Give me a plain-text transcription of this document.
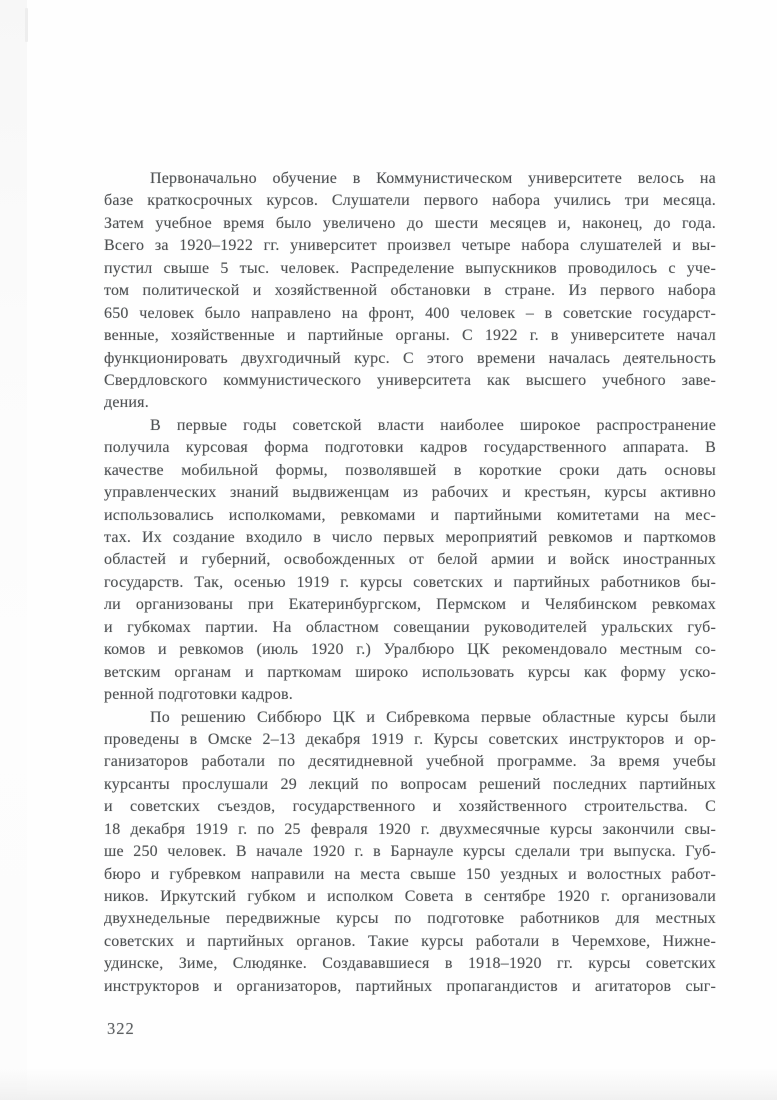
Первоначально обучение в Коммунистическом университете велось на
базе краткосрочных курсов. Слушатели первого набора учились три месяца.
Затем учебное время было увеличено до шести месяцев и, наконец, до года.
Всего за 1920–1922 гг. университет произвел четыре набора слушателей и вы-
пустил свыше 5 тыс. человек. Распределение выпускников проводилось с уче-
том политической и хозяйственной обстановки в стране. Из первого набора
650 человек было направлено на фронт, 400 человек – в советские государст-
венные, хозяйственные и партийные органы. С 1922 г. в университете начал
функционировать двухгодичный курс. С этого времени началась деятельность
Свердловского коммунистического университета как высшего учебного заве-
дения.
В первые годы советской власти наиболее широкое распространение
получила курсовая форма подготовки кадров государственного аппарата. В
качестве мобильной формы, позволявшей в короткие сроки дать основы
управленческих знаний выдвиженцам из рабочих и крестьян, курсы активно
использовались исполкомами, ревкомами и партийными комитетами на мес-
тах. Их создание входило в число первых мероприятий ревкомов и парткомов
областей и губерний, освобожденных от белой армии и войск иностранных
государств. Так, осенью 1919 г. курсы советских и партийных работников бы-
ли организованы при Екатеринбургском, Пермском и Челябинском ревкомах
и губкомах партии. На областном совещании руководителей уральских губ-
комов и ревкомов (июль 1920 г.) Уралбюро ЦК рекомендовало местным со-
ветским органам и парткомам широко использовать курсы как форму уско-
ренной подготовки кадров.
По решению Сиббюро ЦК и Сибревкома первые областные курсы были
проведены в Омске 2–13 декабря 1919 г. Курсы советских инструкторов и ор-
ганизаторов работали по десятидневной учебной программе. За время учебы
курсанты прослушали 29 лекций по вопросам решений последних партийных
и советских съездов, государственного и хозяйственного строительства. С
18 декабря 1919 г. по 25 февраля 1920 г. двухмесячные курсы закончили свы-
ше 250 человек. В начале 1920 г. в Барнауле курсы сделали три выпуска. Губ-
бюро и губревком направили на места свыше 150 уездных и волостных работ-
ников. Иркутский губком и исполком Совета в сентябре 1920 г. организовали
двухнедельные передвижные курсы по подготовке работников для местных
советских и партийных органов. Такие курсы работали в Черемхове, Нижне-
удинске, Зиме, Слюдянке. Создававшиеся в 1918–1920 гг. курсы советских
инструкторов и организаторов, партийных пропагандистов и агитаторов сыг-
322
